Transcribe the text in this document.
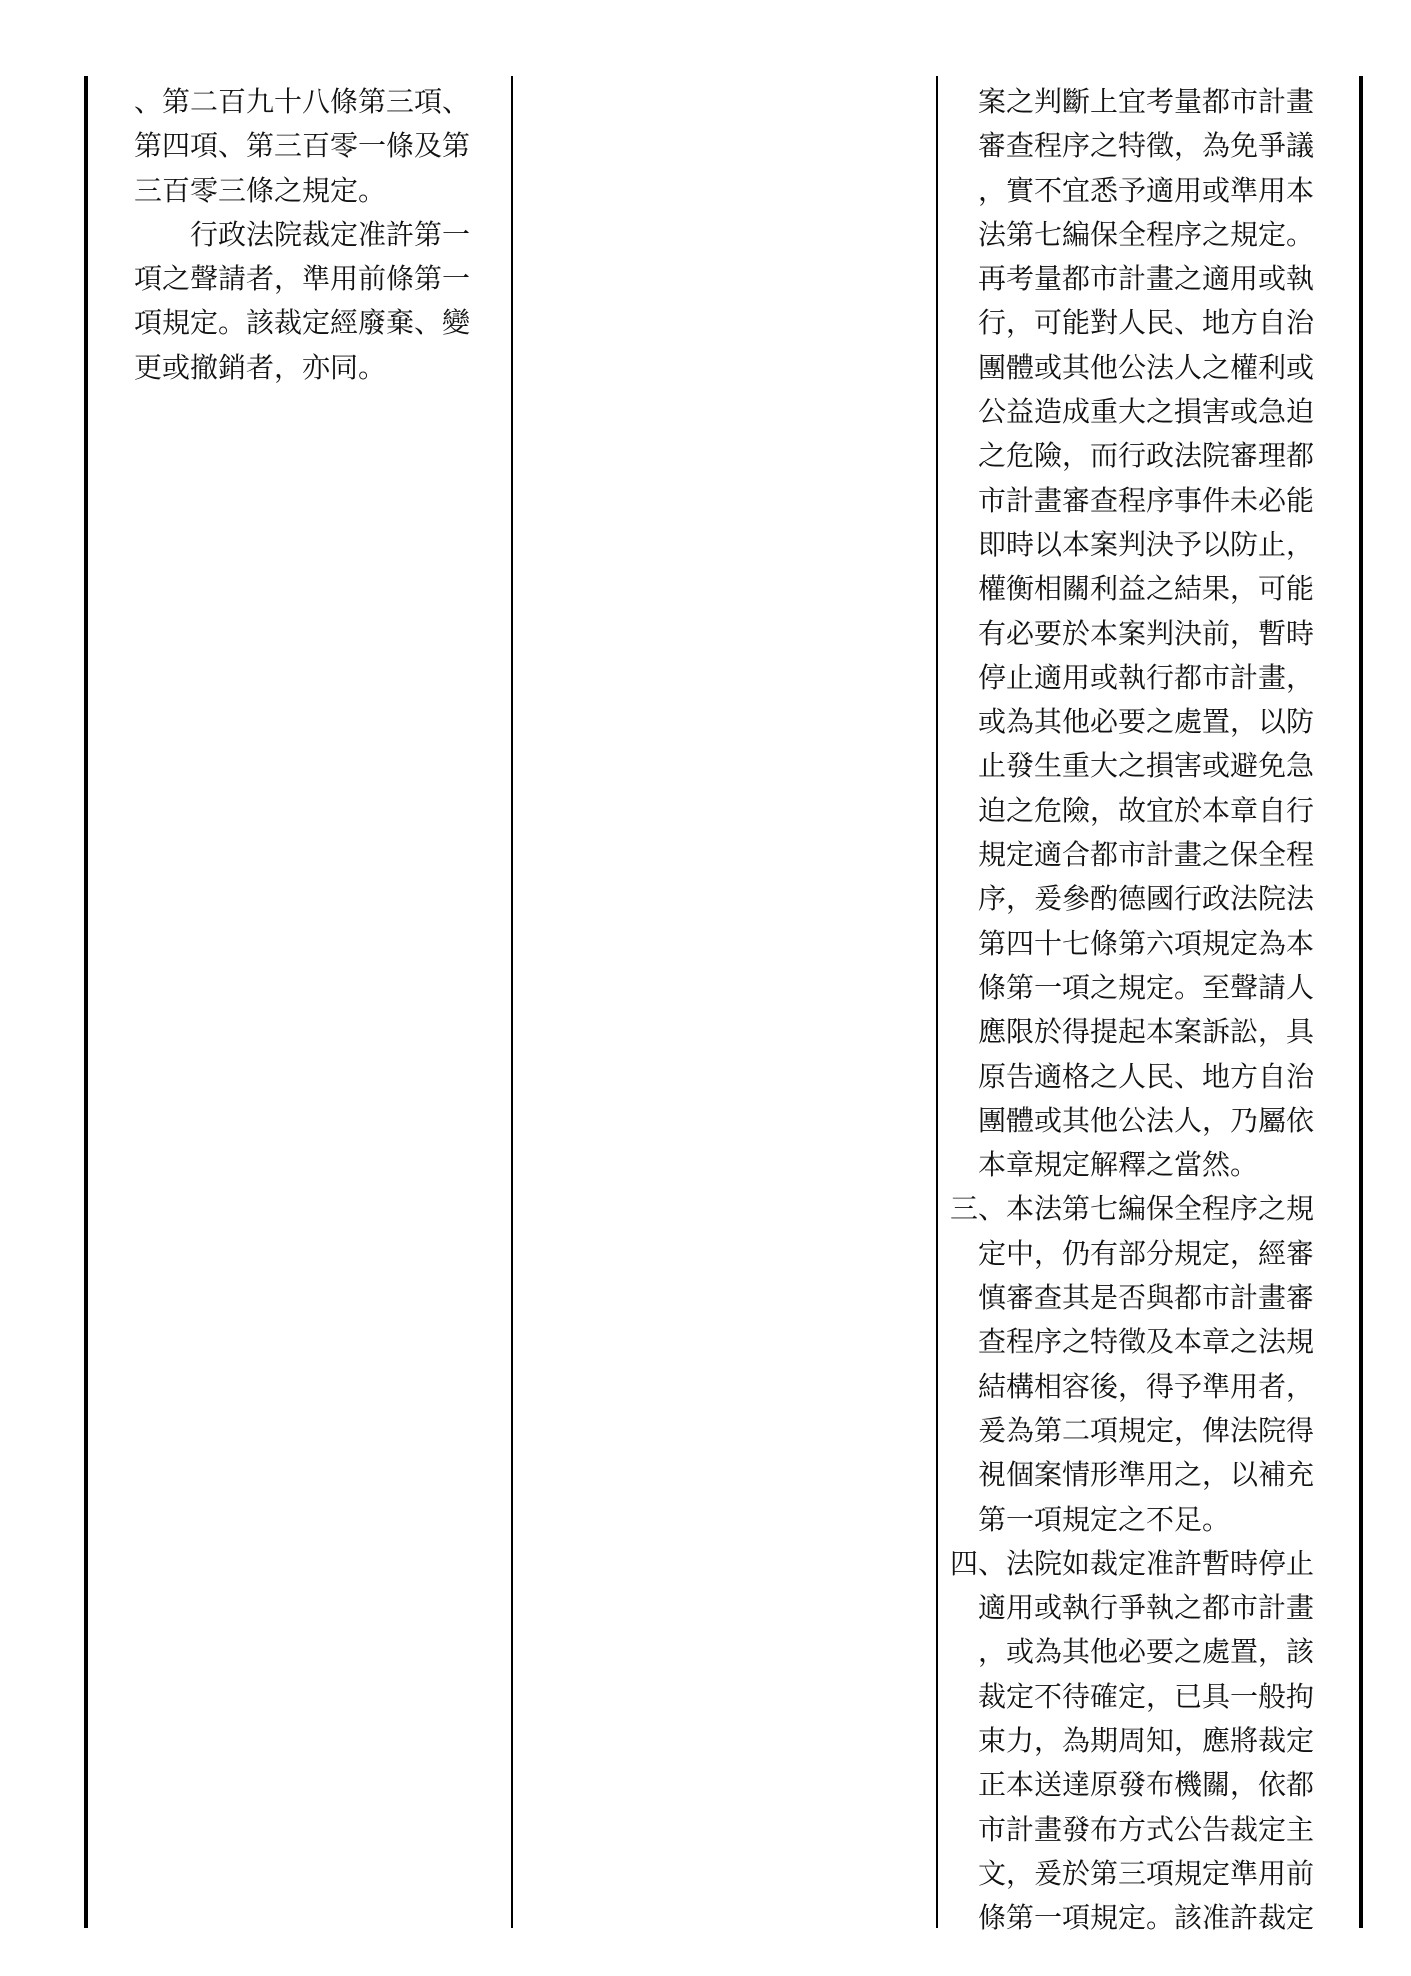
、第二百九十八條第三項、
第四項、第三百零一條及第
三百零三條之規定。
　　行政法院裁定准許第一
項之聲請者，準用前條第一
項規定。該裁定經廢棄、變
更或撤銷者，亦同。
　案之判斷上宜考量都市計畫
　審查程序之特徵，為免爭議
　，實不宜悉予適用或準用本
　法第七編保全程序之規定。
　再考量都市計畫之適用或執
　行，可能對人民、地方自治
　團體或其他公法人之權利或
　公益造成重大之損害或急迫
　之危險，而行政法院審理都
　市計畫審查程序事件未必能
　即時以本案判決予以防止，
　權衡相關利益之結果，可能
　有必要於本案判決前，暫時
　停止適用或執行都市計畫，
　或為其他必要之處置，以防
　止發生重大之損害或避免急
　迫之危險，故宜於本章自行
　規定適合都市計畫之保全程
　序，爰參酌德國行政法院法
　第四十七條第六項規定為本
　條第一項之規定。至聲請人
　應限於得提起本案訴訟，具
　原告適格之人民、地方自治
　團體或其他公法人，乃屬依
　本章規定解釋之當然。
三、本法第七編保全程序之規
　定中，仍有部分規定，經審
　慎審查其是否與都市計畫審
　查程序之特徵及本章之法規
　結構相容後，得予準用者，
　爰為第二項規定，俾法院得
　視個案情形準用之，以補充
　第一項規定之不足。
四、法院如裁定准許暫時停止
　適用或執行爭執之都市計畫
　，或為其他必要之處置，該
　裁定不待確定，已具一般拘
　束力，為期周知，應將裁定
　正本送達原發布機關，依都
　市計畫發布方式公告裁定主
　文，爰於第三項規定準用前
　條第一項規定。該准許裁定
